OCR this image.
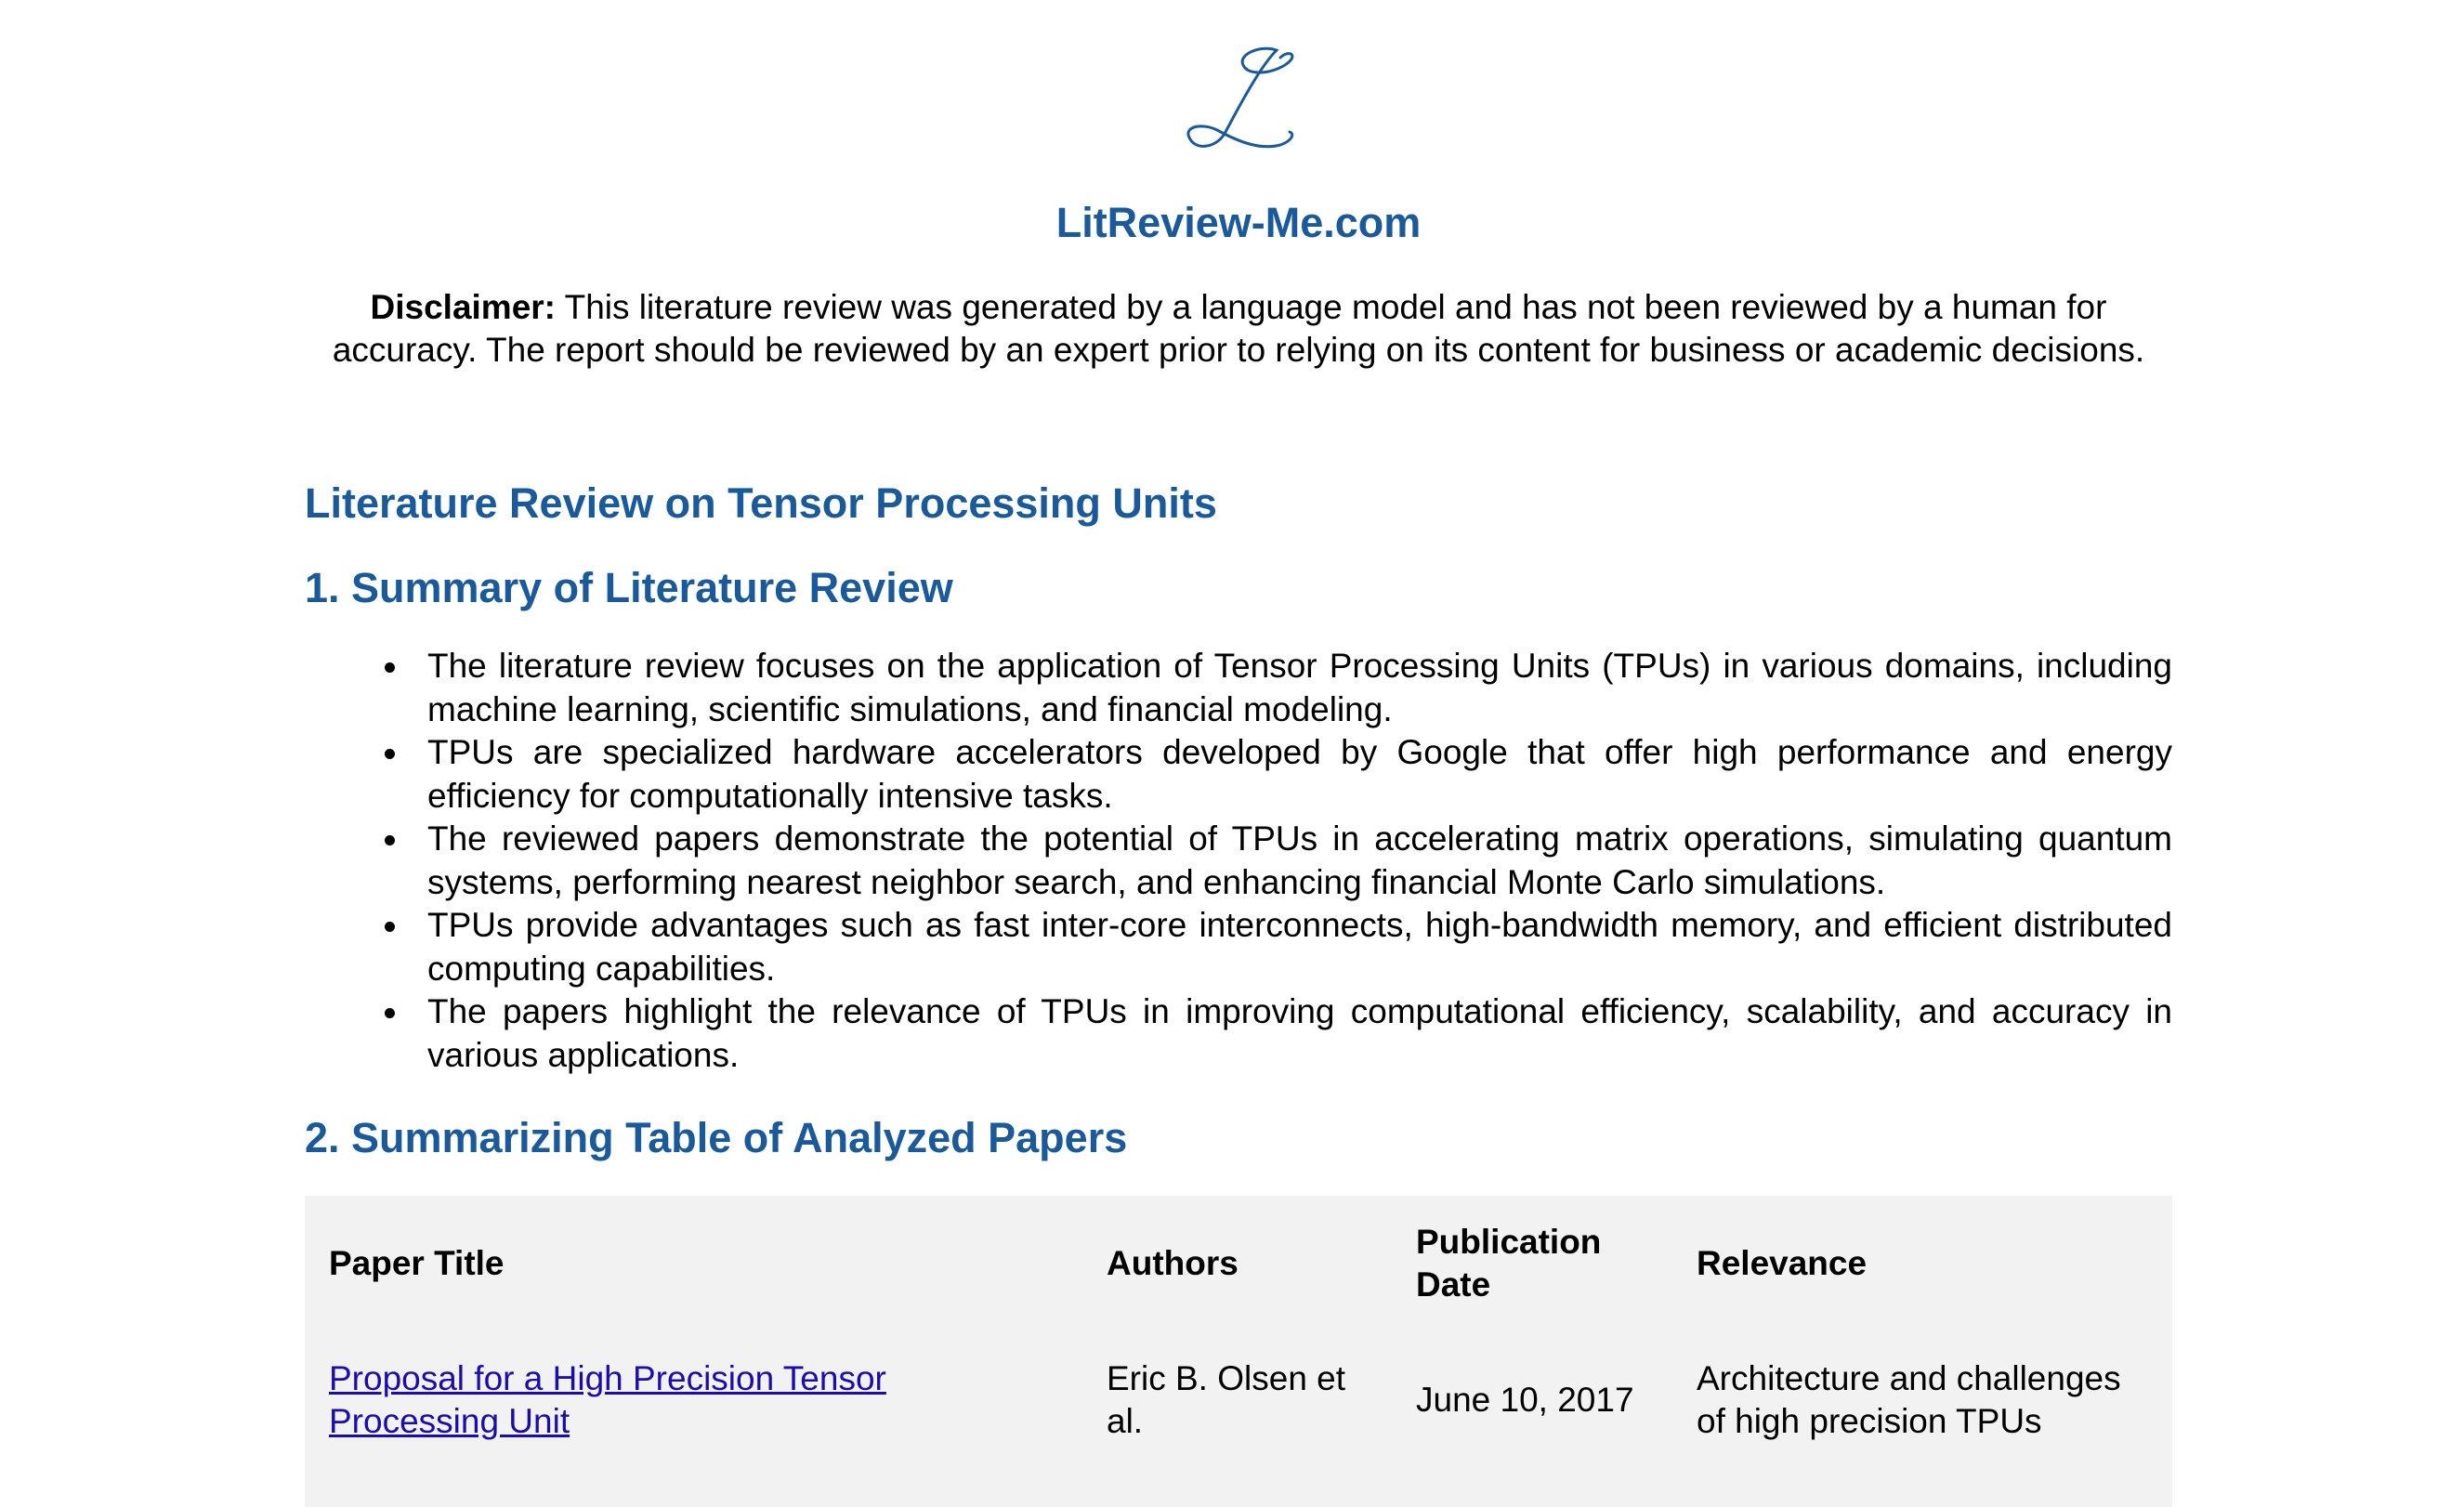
LitReview-Me.com

Disclaimer: This literature review was generated by a language model and has not been reviewed by a human for accuracy. The report should be reviewed by an expert prior to relying on its content for business or academic decisions.

Literature Review on Tensor Processing Units
1. Summary of Literature Review
The literature review focuses on the application of Tensor Processing Units (TPUs) in various domains, including machine learning, scientific simulations, and financial modeling.
TPUs are specialized hardware accelerators developed by Google that offer high performance and energy efficiency for computationally intensive tasks.
The reviewed papers demonstrate the potential of TPUs in accelerating matrix operations, simulating quantum systems, performing nearest neighbor search, and enhancing financial Monte Carlo simulations.
TPUs provide advantages such as fast inter-core interconnects, high-bandwidth memory, and efficient distributed computing capabilities.
The papers highlight the relevance of TPUs in improving computational efficiency, scalability, and accuracy in various applications.
2. Summarizing Table of Analyzed Papers
Paper Title	Authors	Publication Date	Relevance
Proposal for a High Precision Tensor Processing Unit	Eric B. Olsen et al.	June 10, 2017	Architecture and challenges of high precision TPUs
